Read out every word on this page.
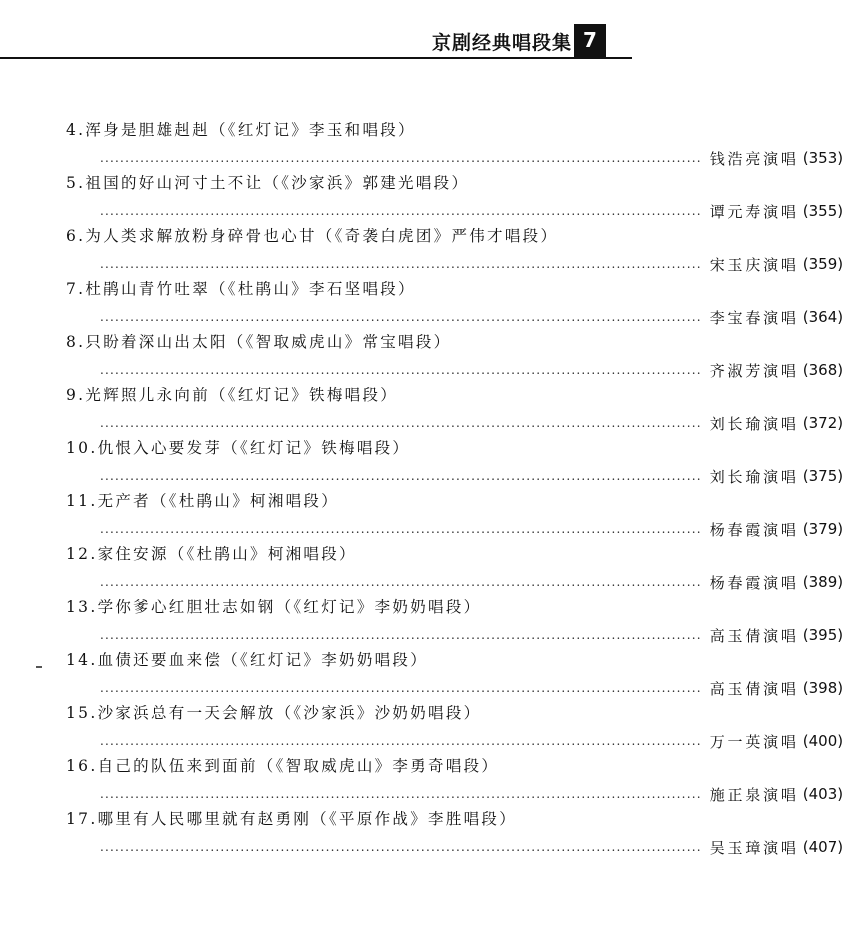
京剧经典唱段集 7
4.浑身是胆雄赳赳（《红灯记》李玉和唱段）
........................................................................................................................ 钱浩亮演唱 (353)
5.祖国的好山河寸土不让（《沙家浜》郭建光唱段）
........................................................................................................................ 谭元寿演唱 (355)
6.为人类求解放粉身碎骨也心甘（《奇袭白虎团》严伟才唱段）
........................................................................................................................ 宋玉庆演唱 (359)
7.杜鹃山青竹吐翠（《杜鹃山》李石坚唱段）
........................................................................................................................ 李宝春演唱 (364)
8.只盼着深山出太阳（《智取威虎山》常宝唱段）
........................................................................................................................ 齐淑芳演唱 (368)
9.光辉照儿永向前（《红灯记》铁梅唱段）
........................................................................................................................ 刘长瑜演唱 (372)
10.仇恨入心要发芽（《红灯记》铁梅唱段）
........................................................................................................................ 刘长瑜演唱 (375)
11.无产者（《杜鹃山》柯湘唱段）
........................................................................................................................ 杨春霞演唱 (379)
12.家住安源（《杜鹃山》柯湘唱段）
........................................................................................................................ 杨春霞演唱 (389)
13.学你爹心红胆壮志如钢（《红灯记》李奶奶唱段）
........................................................................................................................ 高玉倩演唱 (395)
14.血债还要血来偿（《红灯记》李奶奶唱段）
........................................................................................................................ 高玉倩演唱 (398)
15.沙家浜总有一天会解放（《沙家浜》沙奶奶唱段）
........................................................................................................................ 万一英演唱 (400)
16.自己的队伍来到面前（《智取威虎山》李勇奇唱段）
........................................................................................................................ 施正泉演唱 (403)
17.哪里有人民哪里就有赵勇刚（《平原作战》李胜唱段）
........................................................................................................................ 吴玉璋演唱 (407)
